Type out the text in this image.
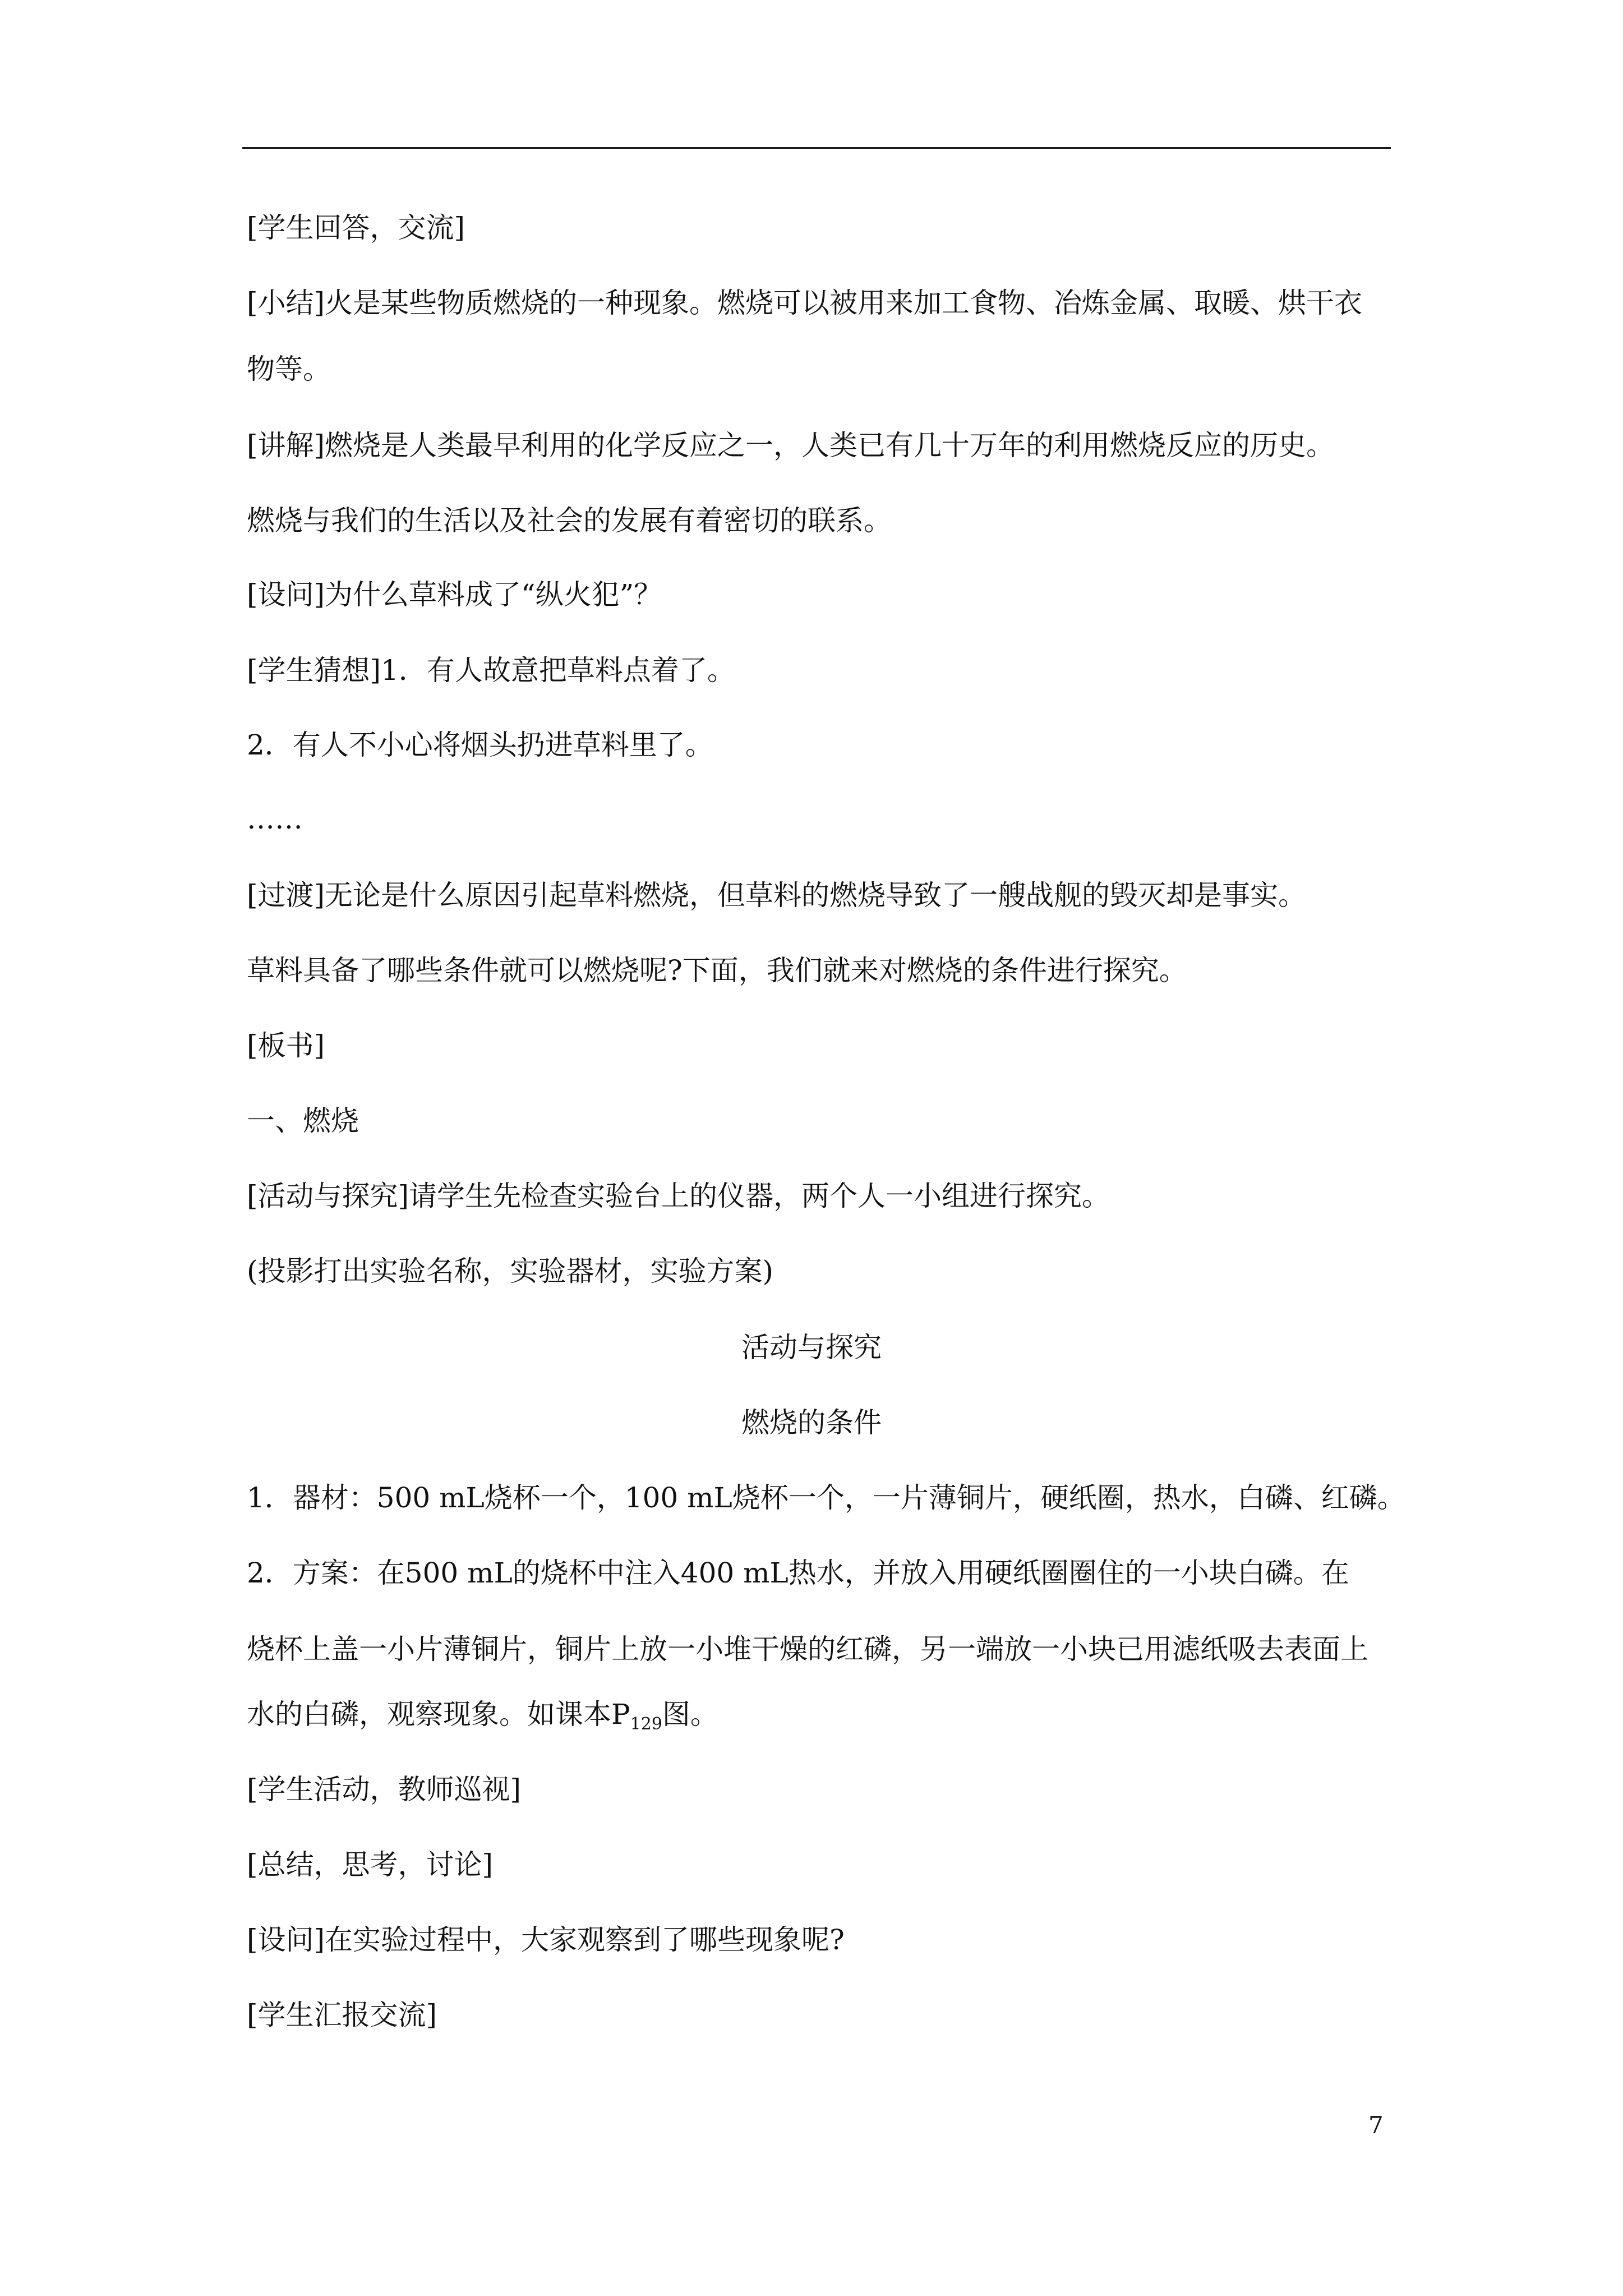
[学生回答，交流]
[小结]火是某些物质燃烧的一种现象。燃烧可以被用来加工食物、冶炼金属、取暖、烘干衣
物等。
[讲解]燃烧是人类最早利用的化学反应之一，人类已有几十万年的利用燃烧反应的历史。
燃烧与我们的生活以及社会的发展有着密切的联系。
[设问]为什么草料成了“纵火犯”？
[学生猜想]1．有人故意把草料点着了。
2．有人不小心将烟头扔进草料里了。
……
[过渡]无论是什么原因引起草料燃烧，但草料的燃烧导致了一艘战舰的毁灭却是事实。
草料具备了哪些条件就可以燃烧呢?下面，我们就来对燃烧的条件进行探究。
[板书]
一、燃烧
[活动与探究]请学生先检查实验台上的仪器，两个人一小组进行探究。
(投影打出实验名称，实验器材，实验方案)
活动与探究
燃烧的条件
1．器材：500 mL烧杯一个，100 mL烧杯一个，一片薄铜片，硬纸圈，热水，白磷、红磷。
2．方案：在500 mL的烧杯中注入400 mL热水，并放入用硬纸圈圈住的一小块白磷。在
烧杯上盖一小片薄铜片，铜片上放一小堆干燥的红磷，另一端放一小块已用滤纸吸去表面上
水的白磷，观察现象。如课本$P_{129}$图。
[学生活动，教师巡视]
[总结，思考，讨论]
[设问]在实验过程中，大家观察到了哪些现象呢?
[学生汇报交流]
7
